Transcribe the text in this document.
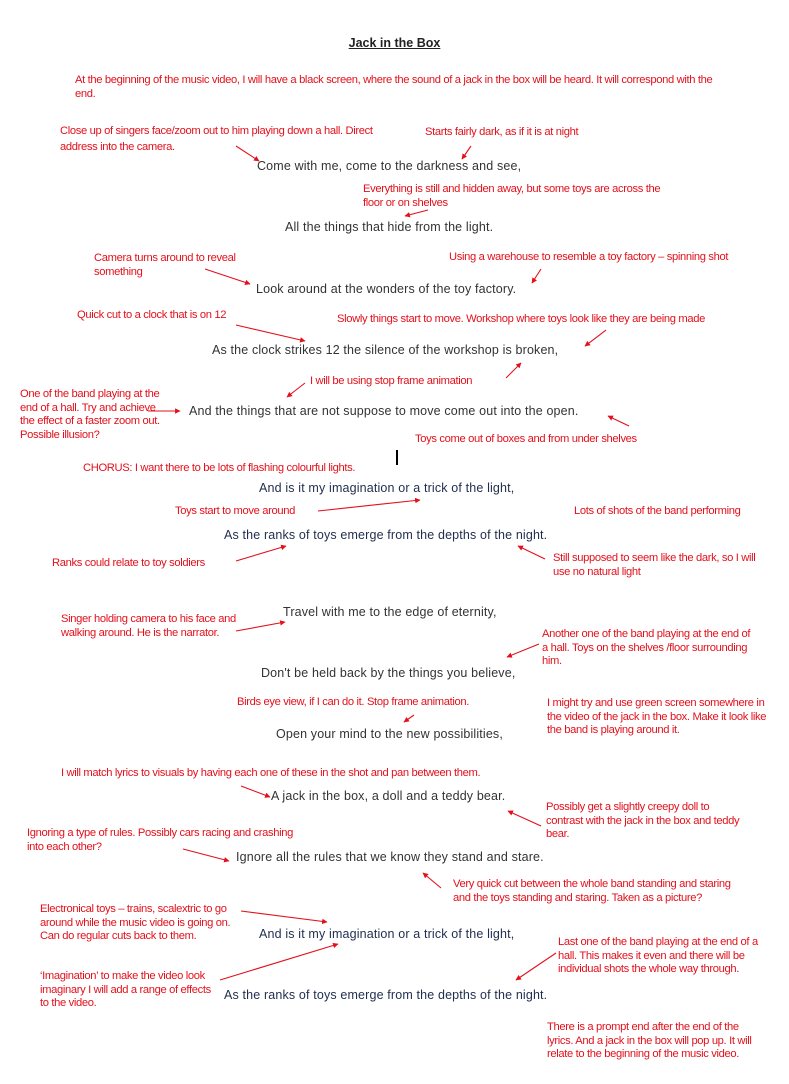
Jack in the Box
At the beginning of the music video, I will have a black screen, where the sound of a jack in the box will be heard. It will correspond with the end.
Come with me, come to the darkness and see,
All the things that hide from the light.
Look around at the wonders of the toy factory.
As the clock strikes 12 the silence of the workshop is broken,
And the things that are not suppose to move come out into the open.
And is it my imagination or a trick of the light,
As the ranks of toys emerge from the depths of the night.
Travel with me to the edge of eternity,
Don't be held back by the things you believe,
Open your mind to the new possibilities,
A jack in the box, a doll and a teddy bear.
Ignore all the rules that we know they stand and stare.
And is it my imagination or a trick of the light,
As the ranks of toys emerge from the depths of the night.
Close up of singers face/zoom out to him playing down a hall. Direct address into the camera.
Starts fairly dark, as if it is at night
Everything is still and hidden away, but some toys are across the floor or on shelves
Camera turns around to reveal something
Using a warehouse to resemble a toy factory – spinning shot
Quick cut to a clock that is on 12	Slowly things start to move. Workshop where toys look like they are being made
I will be using stop frame animation
One of the band playing at the end of a hall. Try and achieve the effect of a faster zoom out. Possible illusion?	Toys come out of boxes and from under shelves
CHORUS: I want there to be lots of flashing colourful lights.
Toys start to move around	Lots of shots of the band performing
Ranks could relate to toy soldiers	Still supposed to seem like the dark, so I will use no natural light
Singer holding camera to his face and walking around. He is the narrator.	Another one of the band playing at the end of a hall. Toys on the shelves /floor surrounding him.
Birds eye view, if I can do it. Stop frame animation.	I might try and use green screen somewhere in the video of the jack in the box. Make it look like the band is playing around it.
I will match lyrics to visuals by having each one of these in the shot and pan between them.
Possibly get a slightly creepy doll to contrast with the jack in the box and teddy bear.
Ignoring a type of rules. Possibly cars racing and crashing into each other?
Very quick cut between the whole band standing and staring and the toys standing and staring. Taken as a picture?
Electronical toys – trains, scalextric to go around while the music video is going on. Can do regular cuts back to them.
‘Imagination’ to make the video look imaginary I will add a range of effects to the video.
Last one of the band playing at the end of a hall. This makes it even and there will be individual shots the whole way through.
There is a prompt end after the end of the lyrics. And a jack in the box will pop up. It will relate to the beginning of the music video.
